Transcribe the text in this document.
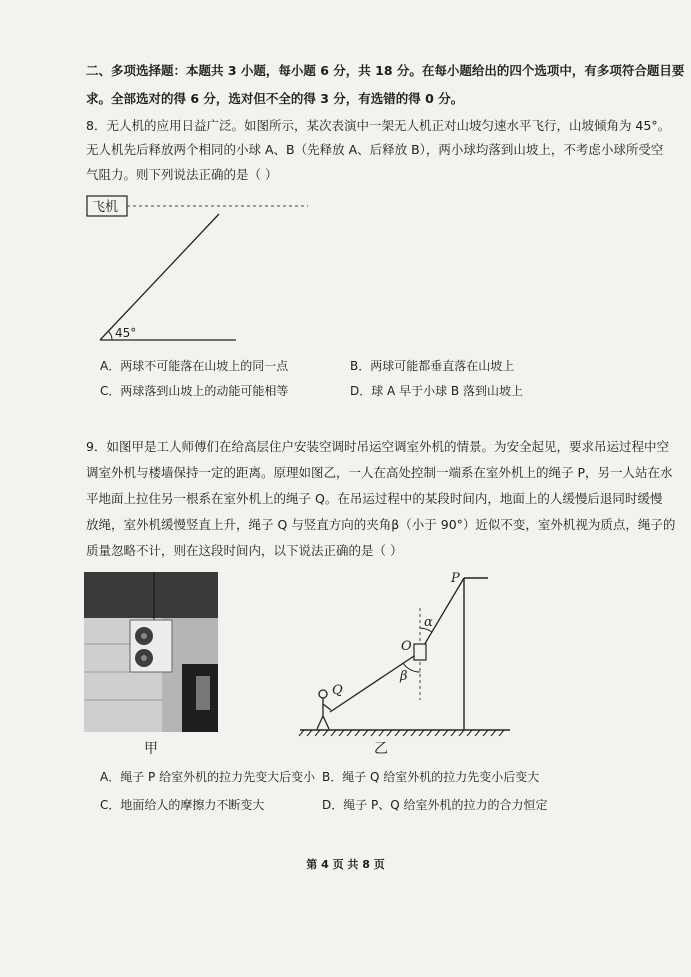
二、多项选择题：本题共 3 小题，每小题 6 分，共 18 分。在每小题给出的四个选项中，有多项符合题目要
求。全部选对的得 6 分，选对但不全的得 3 分，有选错的得 0 分。
8．无人机的应用日益广泛。如图所示，某次表演中一架无人机正对山坡匀速水平飞行，山坡倾角为 45°。
无人机先后释放两个相同的小球 A、B（先释放 A、后释放 B），两小球均落到山坡上，不考虑小球所受空
气阻力。则下列说法正确的是（ ）
飞机
45°
A．两球不可能落在山坡上的同一点	B．两球可能都垂直落在山坡上
C．两球落到山坡上的动能可能相等	D．球 A 早于小球 B 落到山坡上
9．如图甲是工人师傅们在给高层住户安装空调时吊运空调室外机的情景。为安全起见，要求吊运过程中空
调室外机与楼墙保持一定的距离。原理如图乙，一人在高处控制一端系在室外机上的绳子 P，另一人站在水
平地面上拉住另一根系在室外机上的绳子 Q。在吊运过程中的某段时间内，地面上的人缓慢后退同时缓慢
放绳，室外机缓慢竖直上升，绳子 Q 与竖直方向的夹角β（小于 90°）近似不变，室外机视为质点，绳子的
质量忽略不计，则在这段时间内，以下说法正确的是（ ）
甲
P
O
Q
α
β
乙
A．绳子 P 给室外机的拉力先变大后变小 B．绳子 Q 给室外机的拉力先变小后变大
C．地面给人的摩擦力不断变大	D．绳子 P、Q 给室外机的拉力的合力恒定
第 4 页 共 8 页
